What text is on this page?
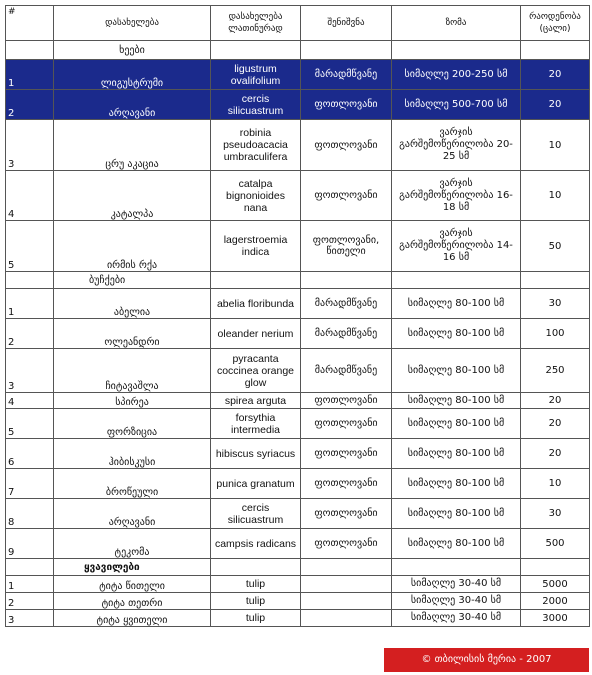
#	დასახელება	დასახელება ლათინურად	შენიშვნა	ზომა	რაოდენობა (ცალი)
	ხეები				
1	ლიგუსტრუმი	ligustrum ovalifolium	მარადმწვანე	სიმაღლე 200-250 სმ	20
2	არღავანი	cercis silicuastrum	ფოთლოვანი	სიმაღლე 500-700 სმ	20
3	ცრუ აკაცია	robinia pseudoacacia umbraculifera	ფოთლოვანი	ვარჯის გარშემოწერილობა 20-25 სმ	10
4	კატალპა	catalpa bignonioides nana	ფოთლოვანი	ვარჯის გარშემოწერილობა 16-18 სმ	10
5	ირმის რქა	lagerstroemia indica	ფოთლოვანი, წითელი	ვარჯის გარშემოწერილობა 14-16 სმ	50
	ბუჩქები				
1	აბელია	abelia floribunda	მარადმწვანე	სიმაღლე 80-100 სმ	30
2	ოლეანდრი	oleander nerium	მარადმწვანე	სიმაღლე 80-100 სმ	100
3	ჩიტავაშლა	pyracanta coccinea orange glow	მარადმწვანე	სიმაღლე 80-100 სმ	250
4	სპირეა	spirea arguta	ფოთლოვანი	სიმაღლე 80-100 სმ	20
5	ფორზიცია	forsythia intermedia	ფოთლოვანი	სიმაღლე 80-100 სმ	20
6	ჰიბისკუსი	hibiscus syriacus	ფოთლოვანი	სიმაღლე 80-100 სმ	20
7	ბროწეული	punica granatum	ფოთლოვანი	სიმაღლე 80-100 სმ	10
8	არღავანი	cercis silicuastrum	ფოთლოვანი	სიმაღლე 80-100 სმ	30
9	ტეკომა	campsis radicans	ფოთლოვანი	სიმაღლე 80-100 სმ	500
	ყვავილები				
1	ტიტა წითელი	tulip		სიმაღლე 30-40 სმ	5000
2	ტიტა თეთრი	tulip		სიმაღლე 30-40 სმ	2000
3	ტიტა ყვითელი	tulip		სიმაღლე 30-40 სმ	3000
© თბილისის მერია - 2007
